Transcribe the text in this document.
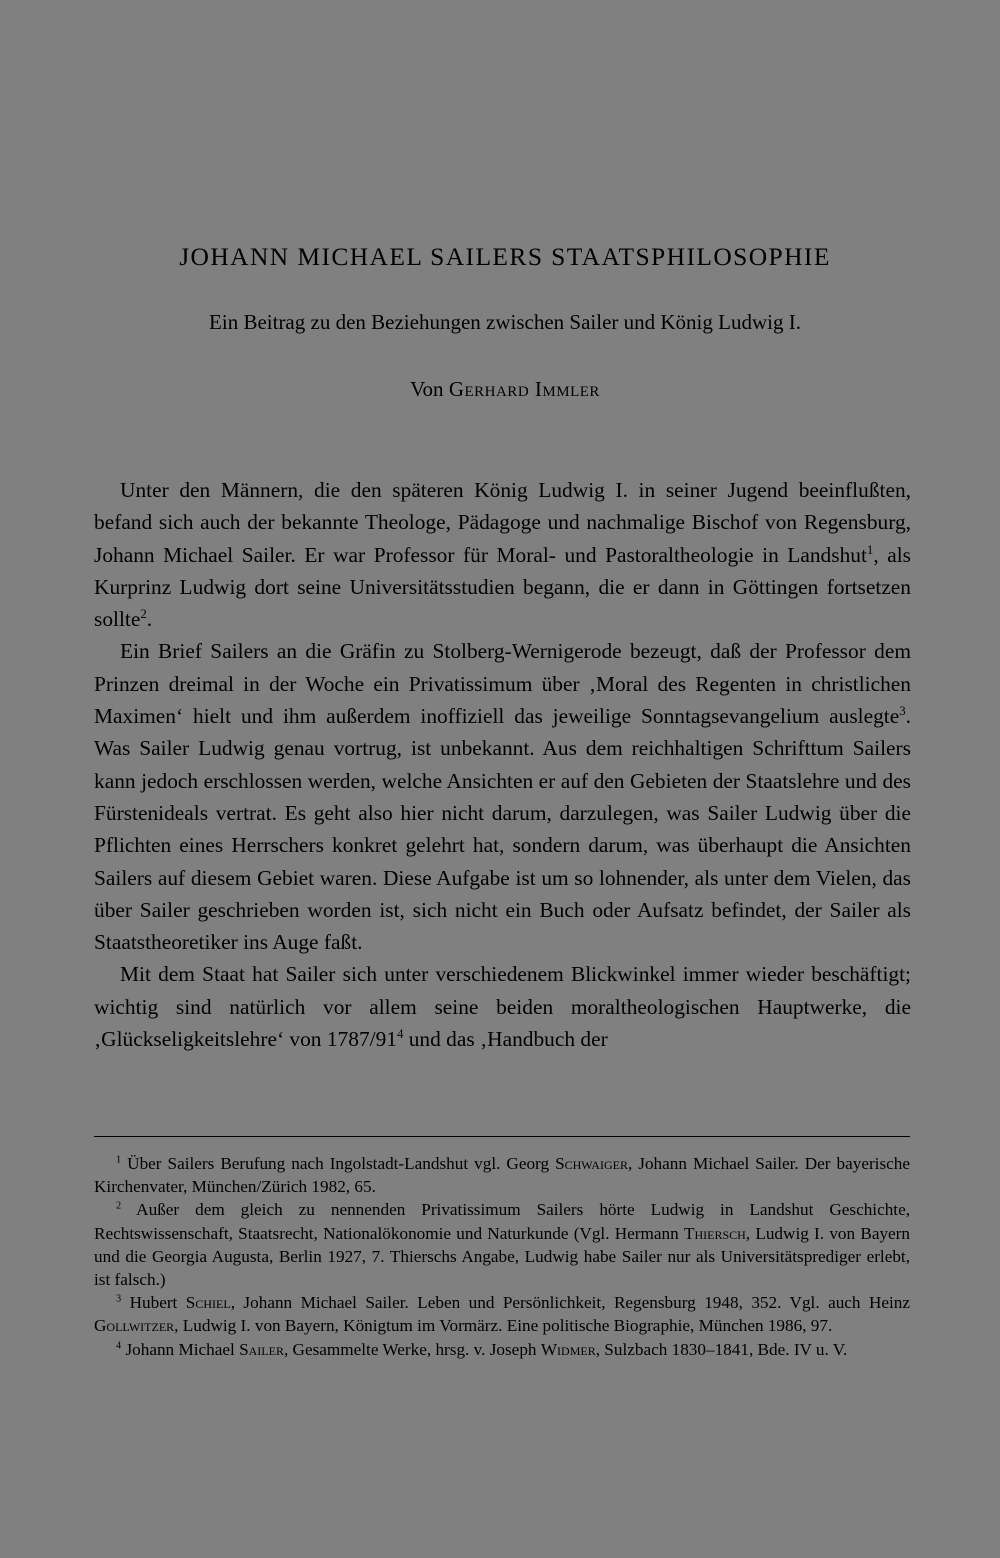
JOHANN MICHAEL SAILERS STAATSPHILOSOPHIE
Ein Beitrag zu den Beziehungen zwischen Sailer und König Ludwig I.
Von Gerhard Immler

Unter den Männern, die den späteren König Ludwig I. in seiner Jugend beeinflußten, befand sich auch der bekannte Theologe, Pädagoge und nachmalige Bischof von Regensburg, Johann Michael Sailer. Er war Professor für Moral- und Pastoraltheologie in Landshut$^1$, als Kurprinz Ludwig dort seine Universitätsstudien begann, die er dann in Göttingen fortsetzen sollte$^2$.

Ein Brief Sailers an die Gräfin zu Stolberg-Wernigerode bezeugt, daß der Professor dem Prinzen dreimal in der Woche ein Privatissimum über ‚Moral des Regenten in christlichen Maximen‘ hielt und ihm außerdem inoffiziell das jeweilige Sonntagsevangelium auslegte$^3$. Was Sailer Ludwig genau vortrug, ist unbekannt. Aus dem reichhaltigen Schrifttum Sailers kann jedoch erschlossen werden, welche Ansichten er auf den Gebieten der Staatslehre und des Fürstenideals vertrat. Es geht also hier nicht darum, darzulegen, was Sailer Ludwig über die Pflichten eines Herrschers konkret gelehrt hat, sondern darum, was überhaupt die Ansichten Sailers auf diesem Gebiet waren. Diese Aufgabe ist um so lohnender, als unter dem Vielen, das über Sailer geschrieben worden ist, sich nicht ein Buch oder Aufsatz befindet, der Sailer als Staatstheoretiker ins Auge faßt.

Mit dem Staat hat Sailer sich unter verschiedenem Blickwinkel immer wieder beschäftigt; wichtig sind natürlich vor allem seine beiden moraltheologischen Hauptwerke, die ‚Glückseligkeitslehre‘ von $1787/91^4$ und das ‚Handbuch der

$^1$ Über Sailers Berufung nach Ingolstadt-Landshut vgl. Georg Schwaiger, Johann Michael Sailer. Der bayerische Kirchenvater, München/Zürich 1982, 65.

$^2$ Außer dem gleich zu nennenden Privatissimum Sailers hörte Ludwig in Landshut Geschichte, Rechtswissenschaft, Staatsrecht, Nationalökonomie und Naturkunde (Vgl. Hermann Thiersch, Ludwig I. von Bayern und die Georgia Augusta, Berlin 1927, 7. Thierschs Angabe, Ludwig habe Sailer nur als Universitätsprediger erlebt, ist falsch.)

$^3$ Hubert Schiel, Johann Michael Sailer. Leben und Persönlichkeit, Regensburg 1948, 352. Vgl. auch Heinz Gollwitzer, Ludwig I. von Bayern, Königtum im Vormärz. Eine politische Biographie, München 1986, 97.

$^4$ Johann Michael Sailer, Gesammelte Werke, hrsg. v. Joseph Widmer, Sulzbach 1830–1841, Bde. IV u. V.
